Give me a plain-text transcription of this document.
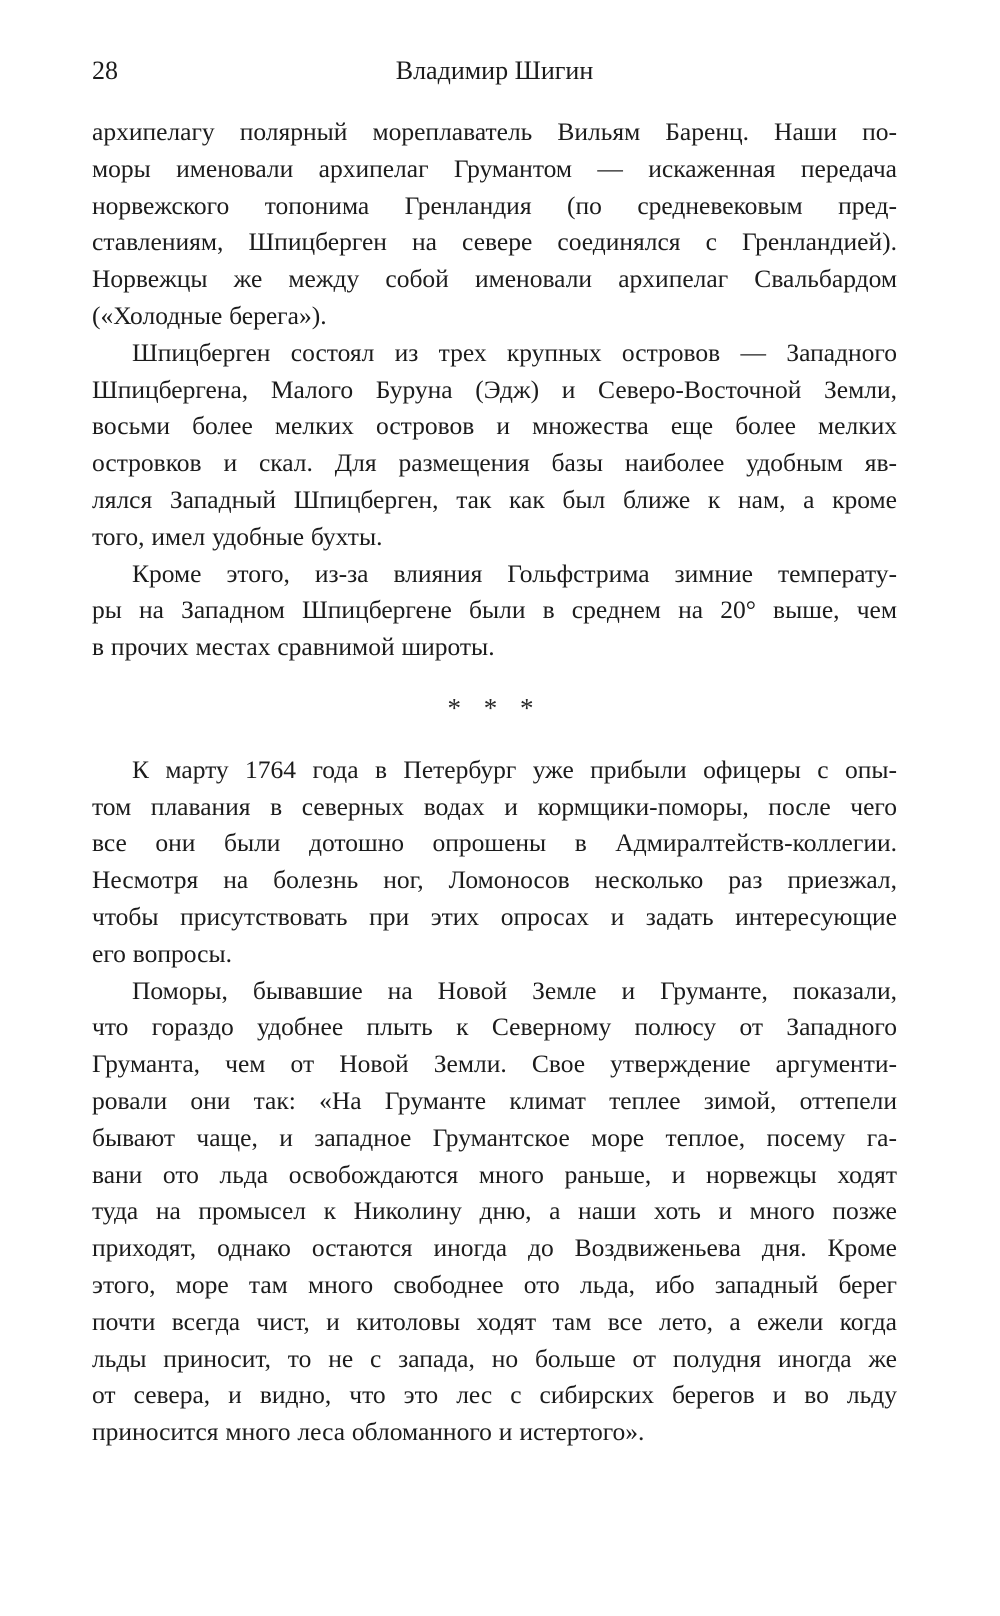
28	Владимир Шигин
архипелагу полярный мореплаватель Вильям Баренц. Наши по-
моры именовали архипелаг Грумантом — искаженная передача
норвежского топонима Гренландия (по средневековым пред-
ставлениям, Шпицберген на севере соединялся с Гренландией).
Норвежцы же между собой именовали архипелаг Свальбардом
(«Холодные берега»).
Шпицберген состоял из трех крупных островов — Западного
Шпицбергена, Малого Буруна (Эдж) и Северо-Восточной Земли,
восьми более мелких островов и множества еще более мелких
островков и скал. Для размещения базы наиболее удобным яв-
лялся Западный Шпицберген, так как был ближе к нам, а кроме
того, имел удобные бухты.
Кроме этого, из-за влияния Гольфстрима зимние температу-
ры на Западном Шпицбергене были в среднем на 20° выше, чем
в прочих местах сравнимой широты.
* * *
К марту 1764 года в Петербург уже прибыли офицеры с опы-
том плавания в северных водах и кормщики-поморы, после чего
все они были дотошно опрошены в Адмиралтейств-коллегии.
Несмотря на болезнь ног, Ломоносов несколько раз приезжал,
чтобы присутствовать при этих опросах и задать интересующие
его вопросы.
Поморы, бывавшие на Новой Земле и Груманте, показали,
что гораздо удобнее плыть к Северному полюсу от Западного
Груманта, чем от Новой Земли. Свое утверждение аргументи-
ровали они так: «На Груманте климат теплее зимой, оттепели
бывают чаще, и западное Грумантское море теплое, посему га-
вани ото льда освобождаются много раньше, и норвежцы ходят
туда на промысел к Николину дню, а наши хоть и много позже
приходят, однако остаются иногда до Воздвиженьева дня. Кроме
этого, море там много свободнее ото льда, ибо западный берег
почти всегда чист, и китоловы ходят там все лето, а ежели когда
льды приносит, то не с запада, но больше от полудня иногда же
от севера, и видно, что это лес с сибирских берегов и во льду
приносится много леса обломанного и истертого».
